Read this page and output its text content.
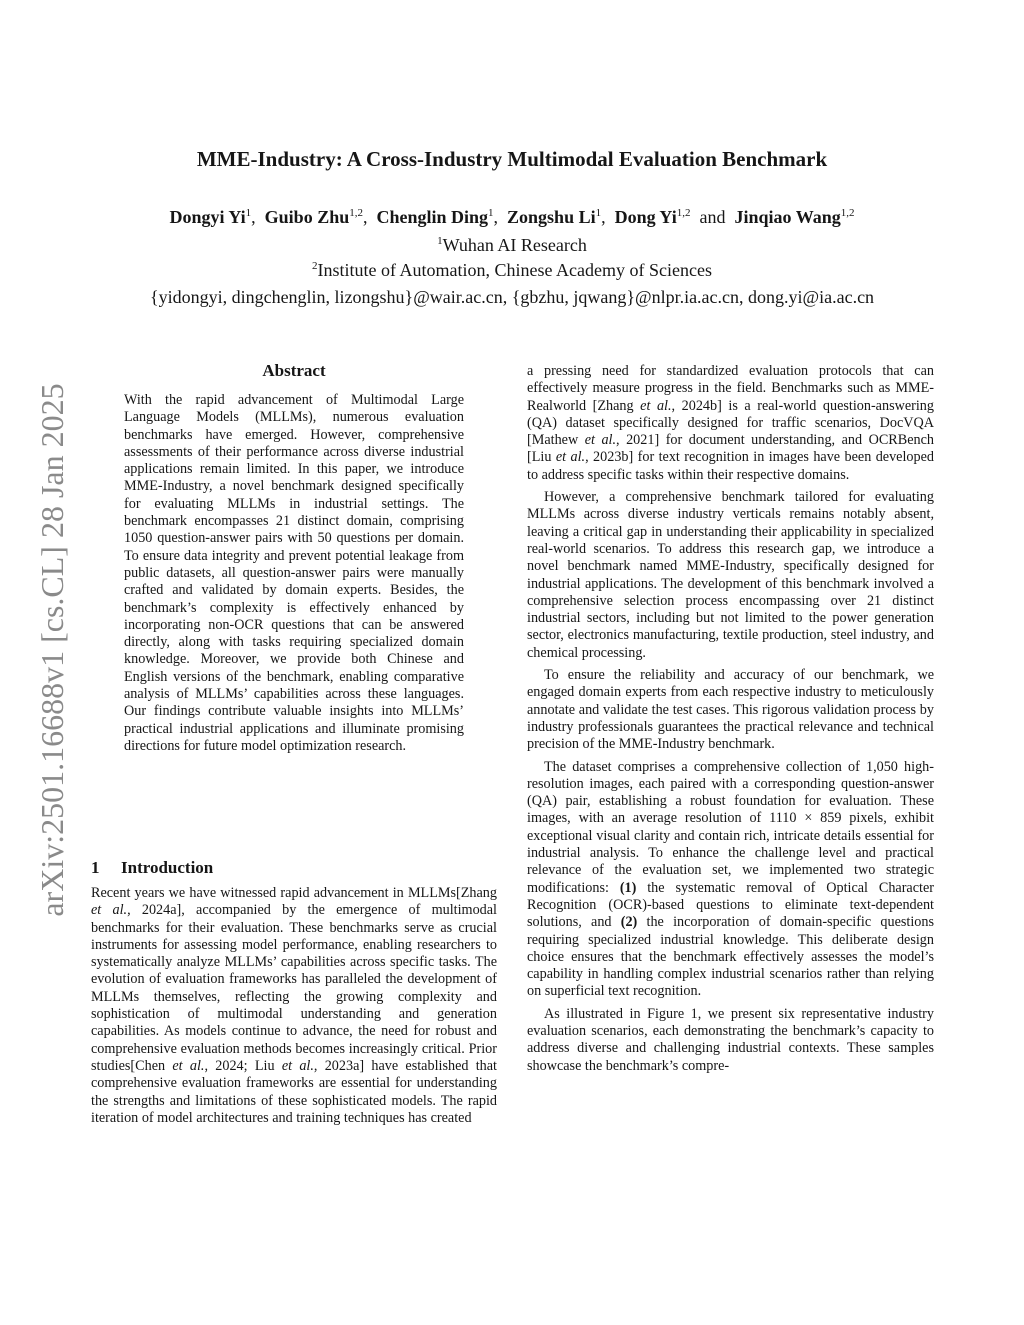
arXiv:2501.16688v1 [cs.CL] 28 Jan 2025
MME-Industry: A Cross-Industry Multimodal Evaluation Benchmark
Dongyi Yi$^1$,  Guibo Zhu$^{1,2}$,  Chenglin Ding$^1$,  Zongshu Li$^1$,  Dong Yi$^{1,2}$ and Jinqiao Wang$^{1,2}$
$^1$Wuhan AI Research
$^2$Institute of Automation, Chinese Academy of Sciences
{yidongyi, dingchenglin, lizongshu}@wair.ac.cn, {gbzhu, jqwang}@nlpr.ia.ac.cn, dong.yi@ia.ac.cn
Abstract

With the rapid advancement of Multimodal Large Language Models (MLLMs), numerous evaluation benchmarks have emerged. However, comprehensive assessments of their performance across diverse industrial applications remain limited. In this paper, we introduce MME-Industry, a novel benchmark designed specifically for evaluating MLLMs in industrial settings. The benchmark encompasses 21 distinct domain, comprising 1050 question-answer pairs with 50 questions per domain. To ensure data integrity and prevent potential leakage from public datasets, all question-answer pairs were manually crafted and validated by domain experts. Besides, the benchmark’s complexity is effectively enhanced by incorporating non-OCR questions that can be answered directly, along with tasks requiring specialized domain knowledge. Moreover, we provide both Chinese and English versions of the benchmark, enabling comparative analysis of MLLMs’ capabilities across these languages. Our findings contribute valuable insights into MLLMs’ practical industrial applications and illuminate promising directions for future model optimization research.

1 Introduction

Recent years we have witnessed rapid advancement in MLLMs[Zhang et al., 2024a], accompanied by the emergence of multimodal benchmarks for their evaluation. These benchmarks serve as crucial instruments for assessing model performance, enabling researchers to systematically analyze MLLMs’ capabilities across specific tasks. The evolution of evaluation frameworks has paralleled the development of MLLMs themselves, reflecting the growing complexity and sophistication of multimodal understanding and generation capabilities. As models continue to advance, the need for robust and comprehensive evaluation methods becomes increasingly critical. Prior studies[Chen et al., 2024; Liu et al., 2023a] have established that comprehensive evaluation frameworks are essential for understanding the strengths and limitations of these sophisticated models. The rapid iteration of model architectures and training techniques has created

a pressing need for standardized evaluation protocols that can effectively measure progress in the field. Benchmarks such as MME-Realworld [Zhang et al., 2024b] is a real-world question-answering (QA) dataset specifically designed for traffic scenarios, DocVQA [Mathew et al., 2021] for document understanding, and OCRBench [Liu et al., 2023b] for text recognition in images have been developed to address specific tasks within their respective domains.

However, a comprehensive benchmark tailored for evaluating MLLMs across diverse industry verticals remains notably absent, leaving a critical gap in understanding their applicability in specialized real-world scenarios. To address this research gap, we introduce a novel benchmark named MME-Industry, specifically designed for industrial applications. The development of this benchmark involved a comprehensive selection process encompassing over 21 distinct industrial sectors, including but not limited to the power generation sector, electronics manufacturing, textile production, steel industry, and chemical processing.

To ensure the reliability and accuracy of our benchmark, we engaged domain experts from each respective industry to meticulously annotate and validate the test cases. This rigorous validation process by industry professionals guarantees the practical relevance and technical precision of the MME-Industry benchmark.

The dataset comprises a comprehensive collection of 1,050 high-resolution images, each paired with a corresponding question-answer (QA) pair, establishing a robust foundation for evaluation. These images, with an average resolution of 1110 × 859 pixels, exhibit exceptional visual clarity and contain rich, intricate details essential for industrial analysis. To enhance the challenge level and practical relevance of the evaluation set, we implemented two strategic modifications: (1) the systematic removal of Optical Character Recognition (OCR)-based questions to eliminate text-dependent solutions, and (2) the incorporation of domain-specific questions requiring specialized industrial knowledge. This deliberate design choice ensures that the benchmark effectively assesses the model’s capability in handling complex industrial scenarios rather than relying on superficial text recognition.

As illustrated in Figure 1, we present six representative industry evaluation scenarios, each demonstrating the benchmark’s capacity to address diverse and challenging industrial contexts. These samples showcase the benchmark’s compre-
